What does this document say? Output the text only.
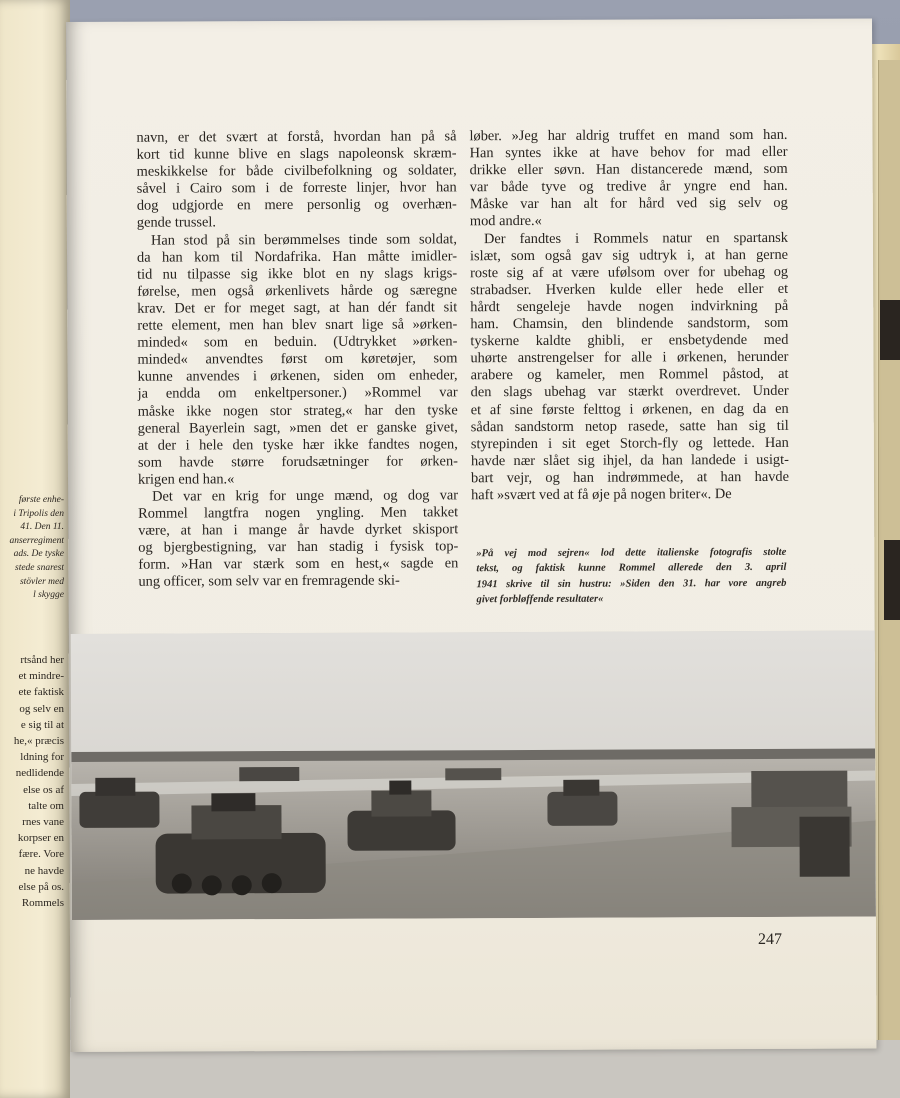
første enhe-
i Tripolis den
41. Den 11.
anserregiment
ads. De tyske
stede snarest
stövler med
l skygge
rtsånd her
et mindre-
ete faktisk
og selv en
e sig til at
he,« præcis
ldning for
nedlidende
else os af
talte om
rnes vane
korpser en
fære. Vore
ne havde
else på os.
Rommels
navn, er det svært at forstå, hvordan han på så
kort tid kunne blive en slags napoleonsk skræm-
meskikkelse for både civilbefolkning og soldater,
såvel i Cairo som i de forreste linjer, hvor han
dog udgjorde en mere personlig og overhæn-
gende trussel.
Han stod på sin berømmelses tinde som soldat,
da han kom til Nordafrika. Han måtte imidler-
tid nu tilpasse sig ikke blot en ny slags krigs-
førelse, men også ørkenlivets hårde og særegne
krav. Det er for meget sagt, at han dér fandt sit
rette element, men han blev snart lige så »ørken-
minded« som en beduin. (Udtrykket »ørken-
minded« anvendtes først om køretøjer, som
kunne anvendes i ørkenen, siden om enheder,
ja endda om enkeltpersoner.) »Rommel var
måske ikke nogen stor strateg,« har den tyske
general Bayerlein sagt, »men det er ganske givet,
at der i hele den tyske hær ikke fandtes nogen,
som havde større forudsætninger for ørken-
krigen end han.«
Det var en krig for unge mænd, og dog var
Rommel langtfra nogen yngling. Men takket
være, at han i mange år havde dyrket skisport
og bjergbestigning, var han stadig i fysisk top-
form. »Han var stærk som en hest,« sagde en
ung officer, som selv var en fremragende ski-
løber. »Jeg har aldrig truffet en mand som han.
Han syntes ikke at have behov for mad eller
drikke eller søvn. Han distancerede mænd, som
var både tyve og tredive år yngre end han.
Måske var han alt for hård ved sig selv og
mod andre.«
Der fandtes i Rommels natur en spartansk
islæt, som også gav sig udtryk i, at han gerne
roste sig af at være ufølsom over for ubehag og
strabadser. Hverken kulde eller hede eller et
hårdt sengeleje havde nogen indvirkning på
ham. Chamsin, den blindende sandstorm, som
tyskerne kaldte ghibli, er ensbetydende med
uhørte anstrengelser for alle i ørkenen, herunder
arabere og kameler, men Rommel påstod, at
den slags ubehag var stærkt overdrevet. Under
et af sine første felttog i ørkenen, en dag da en
sådan sandstorm netop rasede, satte han sig til
styrepinden i sit eget Storch-fly og lettede. Han
havde nær slået sig ihjel, da han landede i usigt-
bart vejr, og han indrømmede, at han havde
haft »svært ved at få øje på nogen briter«. De
»På vej mod sejren« lod dette italienske fotografis stolte
tekst, og faktisk kunne Rommel allerede den 3. april
1941 skrive til sin hustru: »Siden den 31. har vore angreb
givet forbløffende resultater«
247
